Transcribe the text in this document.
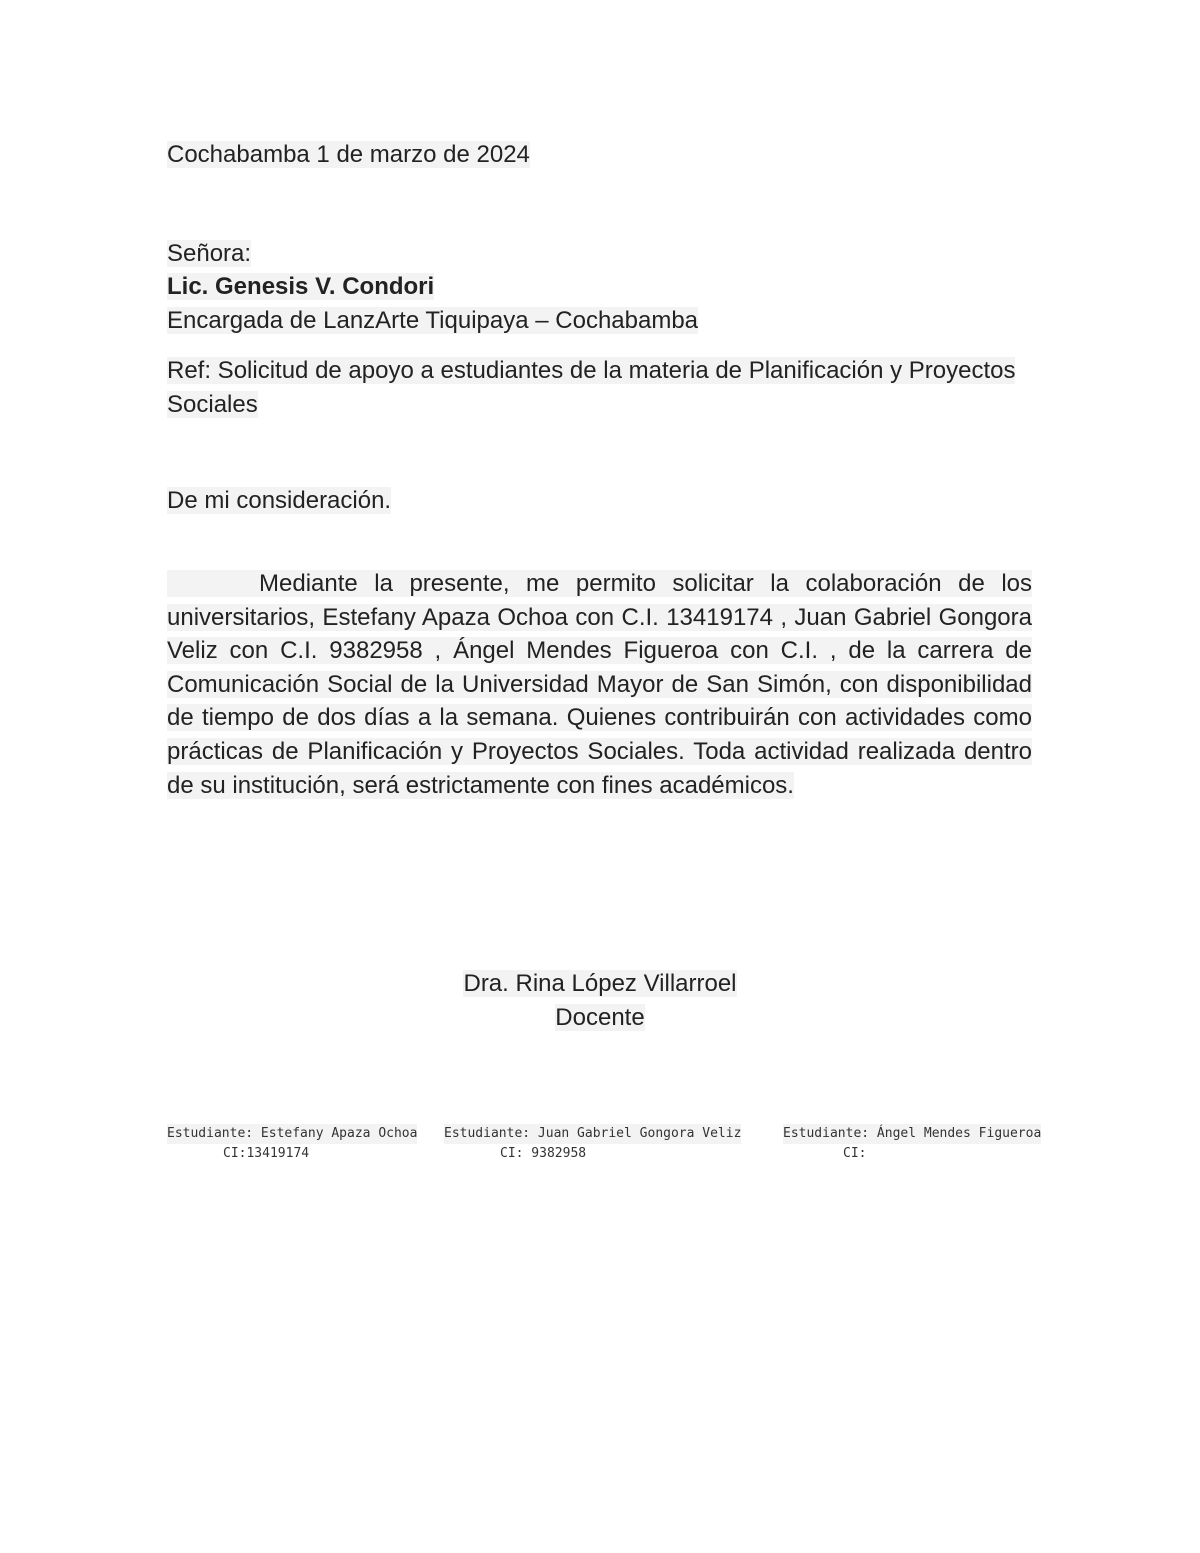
Cochabamba 1 de marzo de 2024
Señora:
Lic. Genesis V. Condori
Encargada de LanzArte Tiquipaya – Cochabamba
Ref: Solicitud de apoyo a estudiantes de la materia de Planificación y Proyectos Sociales
De mi consideración.
Mediante la presente, me permito solicitar la colaboración de los universitarios, Estefany Apaza Ochoa con C.I. 13419174 , Juan Gabriel Gongora Veliz con C.I. 9382958 , Ángel Mendes Figueroa con C.I. , de la carrera de Comunicación Social de la Universidad Mayor de San Simón, con disponibilidad de tiempo de dos días a la semana. Quienes contribuirán con actividades como prácticas de Planificación y Proyectos Sociales. Toda actividad realizada dentro de su institución, será estrictamente con fines académicos.
Dra. Rina López Villarroel
Docente
Estudiante: Estefany Apaza Ochoa
CI:13419174
Estudiante: Juan Gabriel Gongora Veliz
CI: 9382958
Estudiante: Ángel Mendes Figueroa
CI:
